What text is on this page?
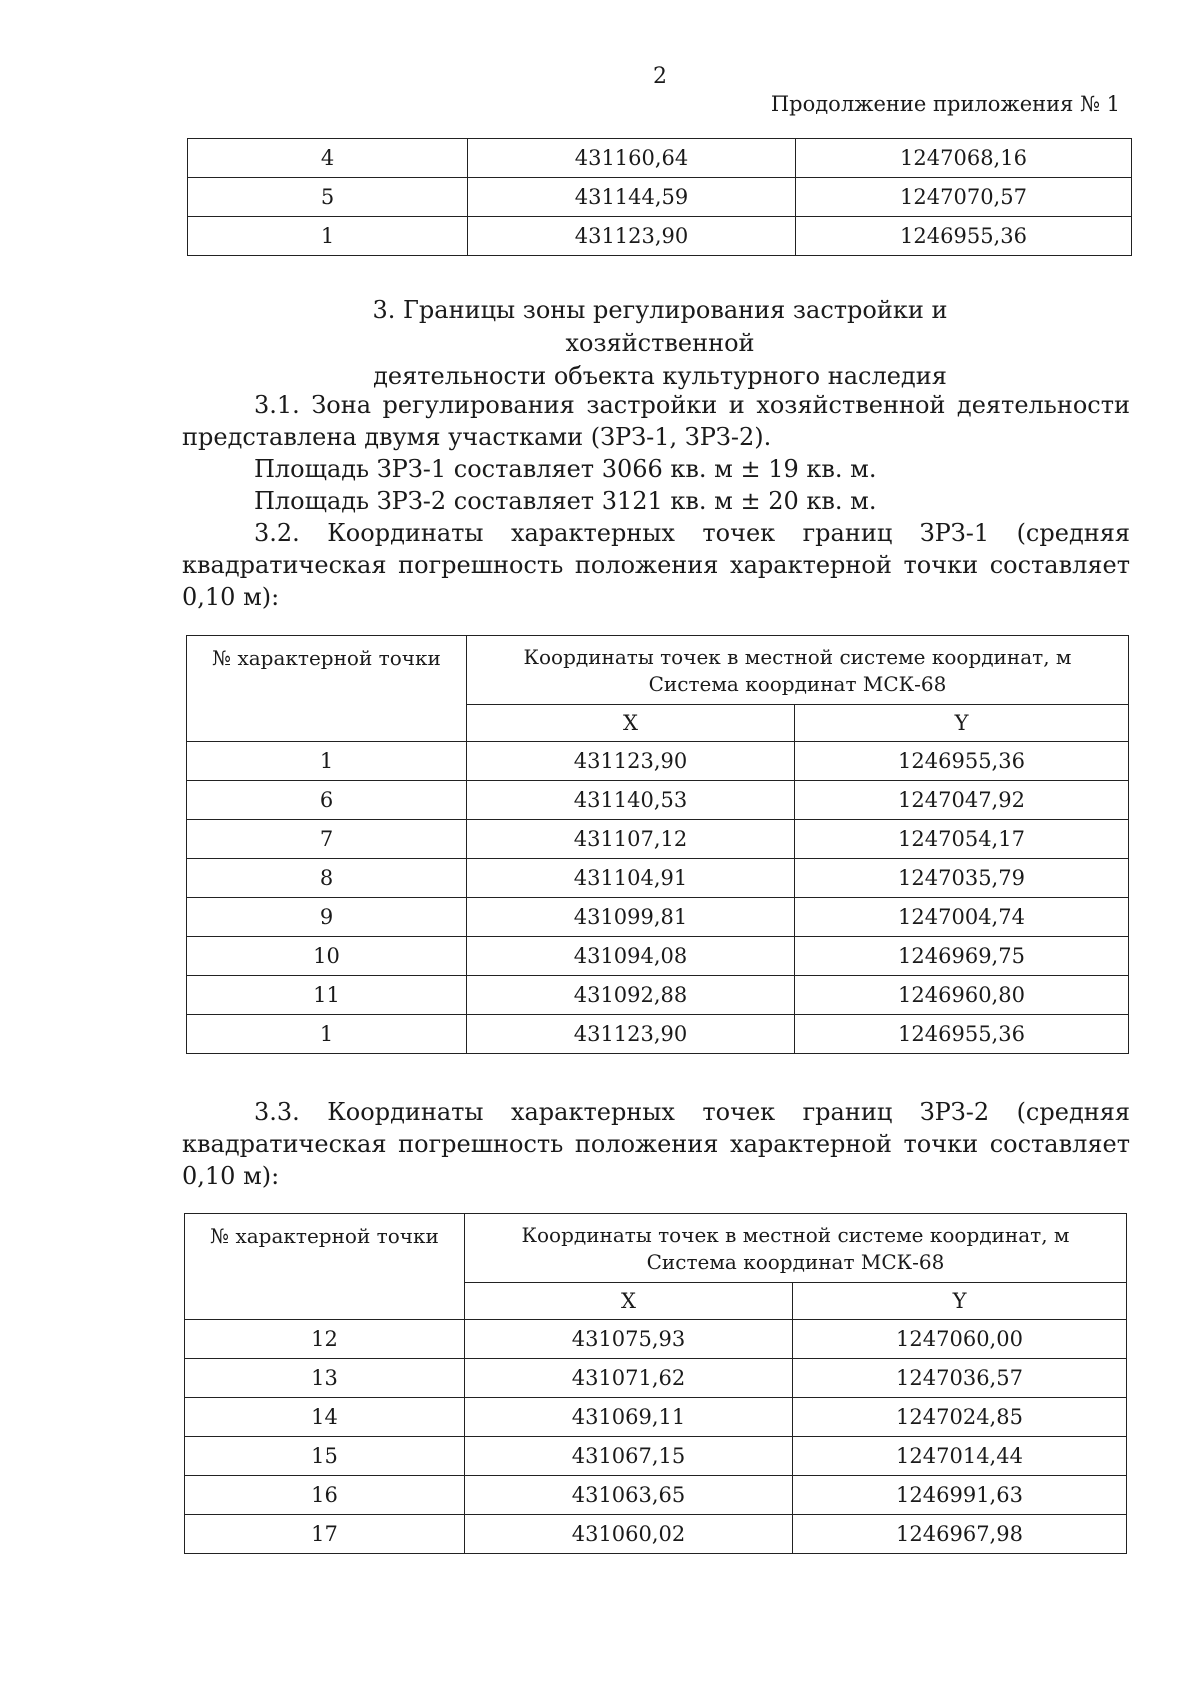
2
Продолжение приложения № 1
4	431160,64	1247068,16
5	431144,59	1247070,57
1	431123,90	1246955,36
3. Границы зоны регулирования застройки и хозяйственной
деятельности объекта культурного наследия
3.1. Зона регулирования застройки и хозяйственной деятельности
представлена двумя участками (ЗРЗ-1, ЗРЗ-2).
Площадь ЗРЗ-1 составляет 3066 кв. м ± 19 кв. м.
Площадь ЗРЗ-2 составляет 3121 кв. м ± 20 кв. м.
3.2. Координаты характерных точек границ ЗРЗ-1 (средняя
квадратическая погрешность положения характерной точки составляет
0,10 м):
№ характерной точки	Координаты точек в местной системе координат, м
Система координат МСК-68	

	X	Y
1	431123,90	1246955,36
6	431140,53	1247047,92
7	431107,12	1247054,17
8	431104,91	1247035,79
9	431099,81	1247004,74
10	431094,08	1246969,75
11	431092,88	1246960,80
1	431123,90	1246955,36
3.3. Координаты характерных точек границ ЗРЗ-2 (средняя
квадратическая погрешность положения характерной точки составляет
0,10 м):
№ характерной точки	Координаты точек в местной системе координат, м
Система координат МСК-68	

	X	Y
12	431075,93	1247060,00
13	431071,62	1247036,57
14	431069,11	1247024,85
15	431067,15	1247014,44
16	431063,65	1246991,63
17	431060,02	1246967,98
